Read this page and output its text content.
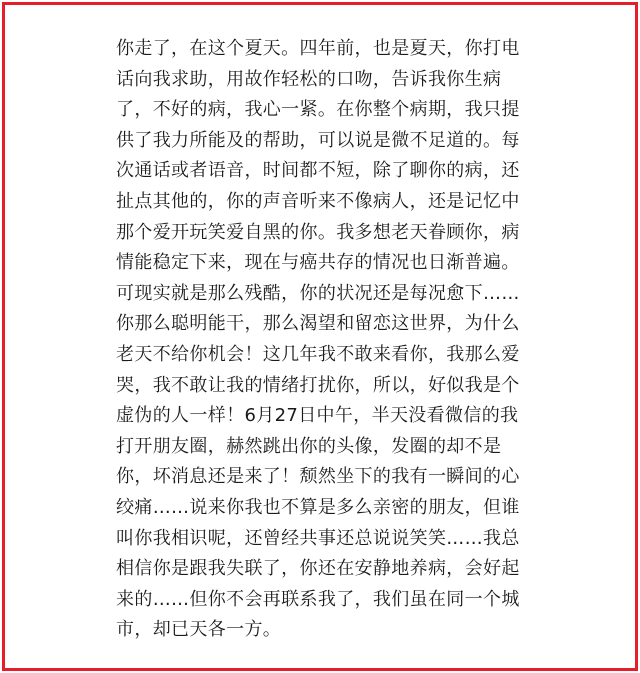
你走了，在这个夏天。四年前，也是夏天，你打电
话向我求助，用故作轻松的口吻，告诉我你生病
了，不好的病，我心一紧。在你整个病期，我只提
供了我力所能及的帮助，可以说是微不足道的。每
次通话或者语音，时间都不短，除了聊你的病，还
扯点其他的，你的声音听来不像病人，还是记忆中
那个爱开玩笑爱自黑的你。我多想老天眷顾你，病
情能稳定下来，现在与癌共存的情况也日渐普遍。
可现实就是那么残酷，你的状况还是每况愈下……
你那么聪明能干，那么渴望和留恋这世界，为什么
老天不给你机会！这几年我不敢来看你，我那么爱
哭，我不敢让我的情绪打扰你，所以，好似我是个
虚伪的人一样！6月27日中午，半天没看微信的我
打开朋友圈，赫然跳出你的头像，发圈的却不是
你，坏消息还是来了！颓然坐下的我有一瞬间的心
绞痛……说来你我也不算是多么亲密的朋友，但谁
叫你我相识呢，还曾经共事还总说说笑笑……我总
相信你是跟我失联了，你还在安静地养病，会好起
来的……但你不会再联系我了，我们虽在同一个城
市，却已天各一方。
